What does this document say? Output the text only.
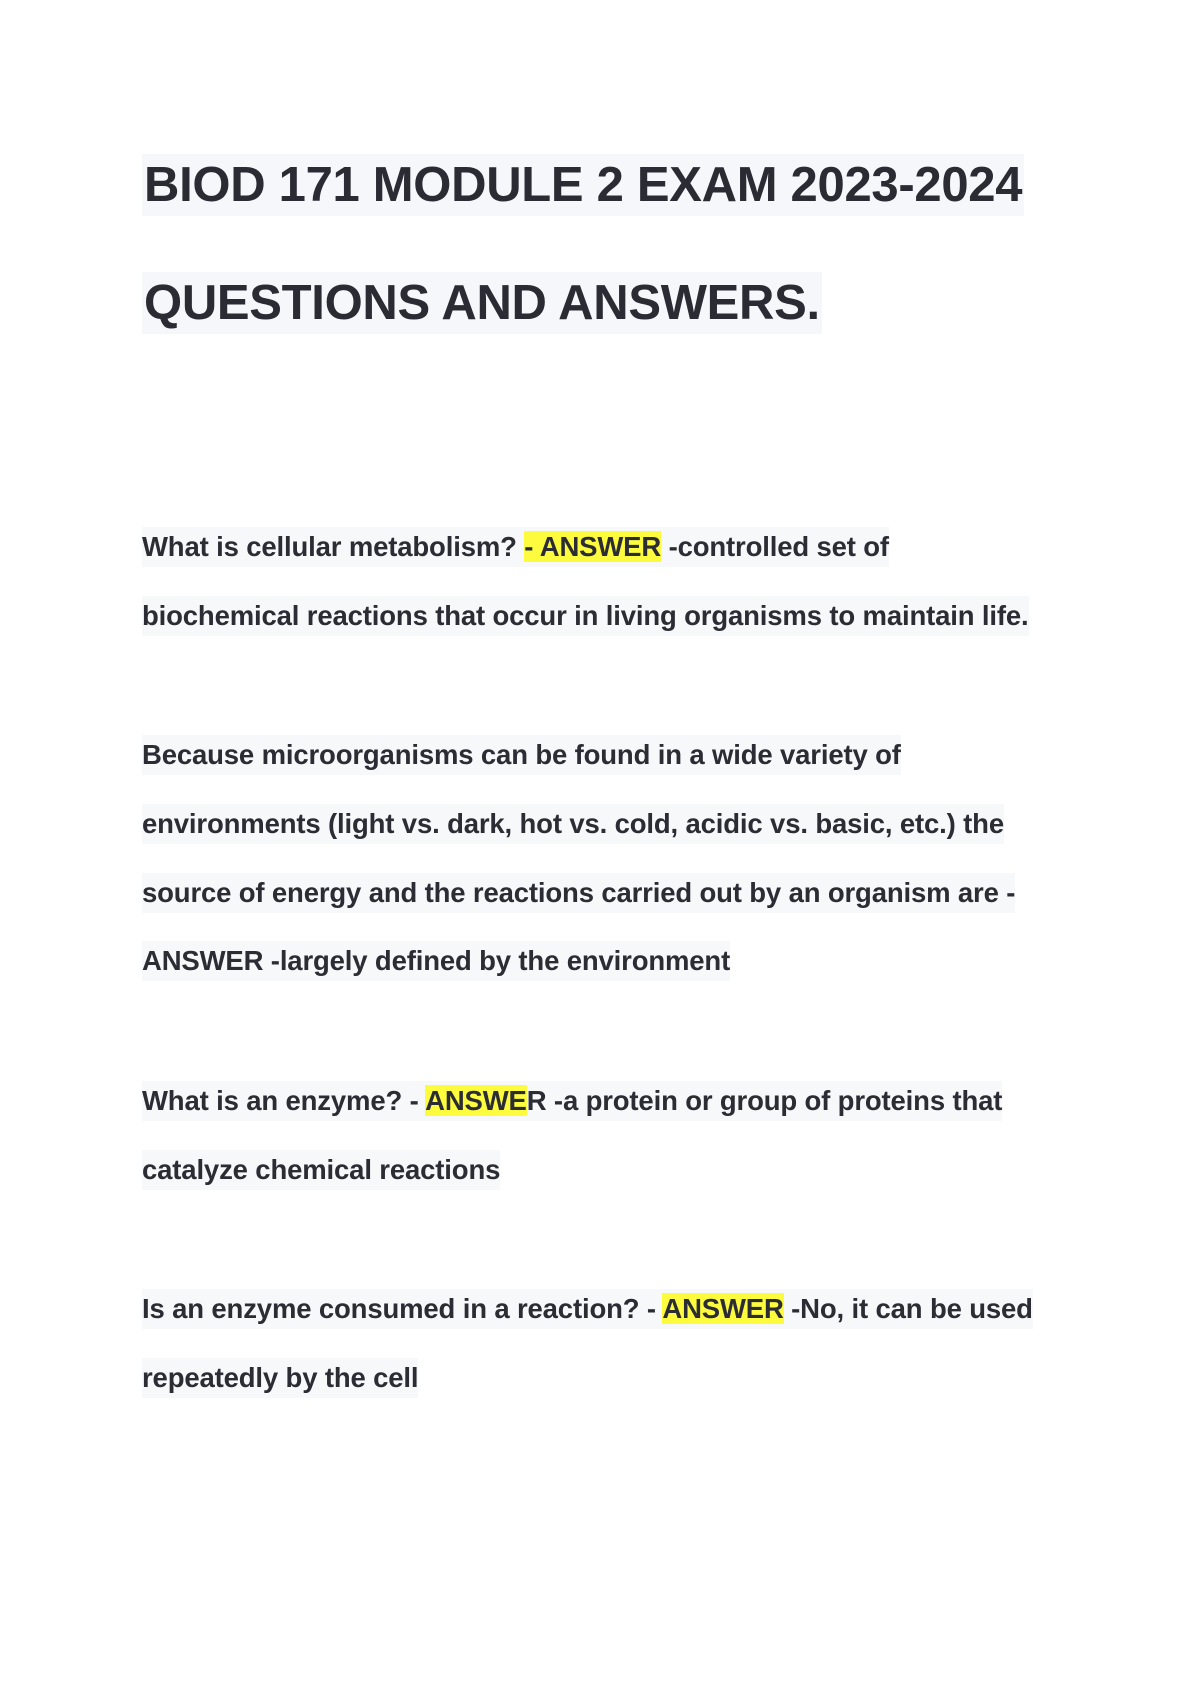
BIOD 171 MODULE 2 EXAM 2023-2024
QUESTIONS AND ANSWERS.
What is cellular metabolism? - ANSWER -controlled set of
biochemical reactions that occur in living organisms to maintain life.
Because microorganisms can be found in a wide variety of
environments (light vs. dark, hot vs. cold, acidic vs. basic, etc.) the
source of energy and the reactions carried out by an organism are -
ANSWER -largely defined by the environment
What is an enzyme? - ANSWER -a protein or group of proteins that
catalyze chemical reactions
Is an enzyme consumed in a reaction? - ANSWER -No, it can be used
repeatedly by the cell
